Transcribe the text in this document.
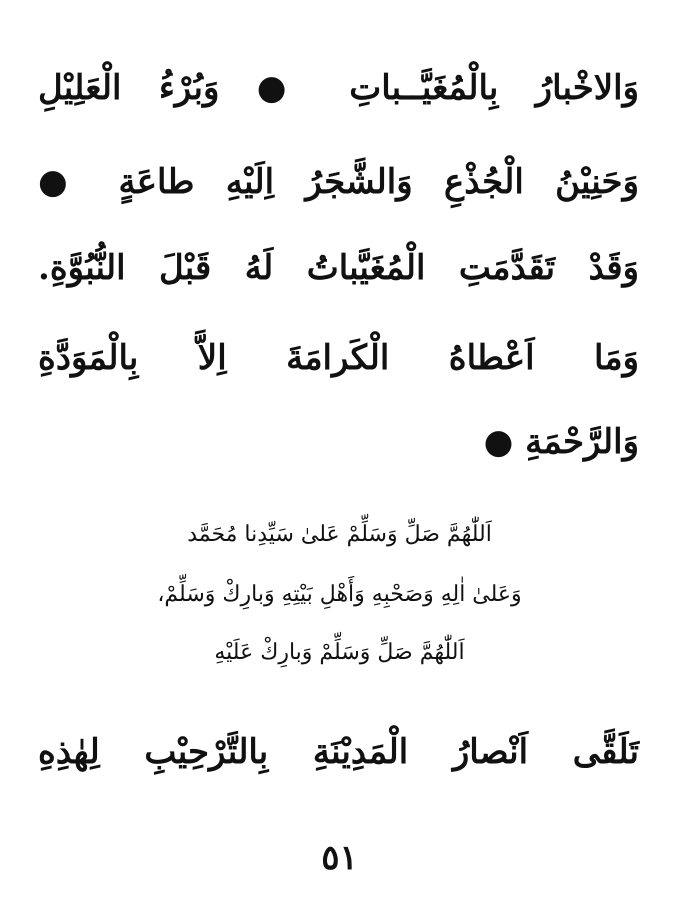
وَالاخْبارُ بِالْمُغَيَّــباتِ ● وَبُرْءُ الْعَلِيْلِ
وَحَنِيْنُ الْجُذْعِ وَالشَّجَرُ اِلَيْهِ طاعَةٍ ●
وَقَدْ تَقَدَّمَتِ الْمُغَيَّباتُ لَهُ قَبْلَ النُّبُوَّةِ.
وَمَا اَعْطاهُ الْكَرامَةَ اِلاَّ بِالْمَوَدَّةِ
وَالرَّحْمَةِ ●
اَللّٰهُمَّ صَلِّ وَسَلِّمْ عَلىٰ سَيِّدِنا مُحَمَّد
وَعَلىٰ اٰلِهِ وَصَحْبِهِ وَأَهْلِ بَيْتِهِ وَبارِكْ وَسَلِّمْ،
اَللّٰهُمَّ صَلِّ وَسَلِّمْ وَبارِكْ عَلَيْهِ
تَلَقَّى اَنْصارُ الْمَدِيْنَةِ بِالتَّرْحِيْبِ لِهٰذِهِ
٥١
